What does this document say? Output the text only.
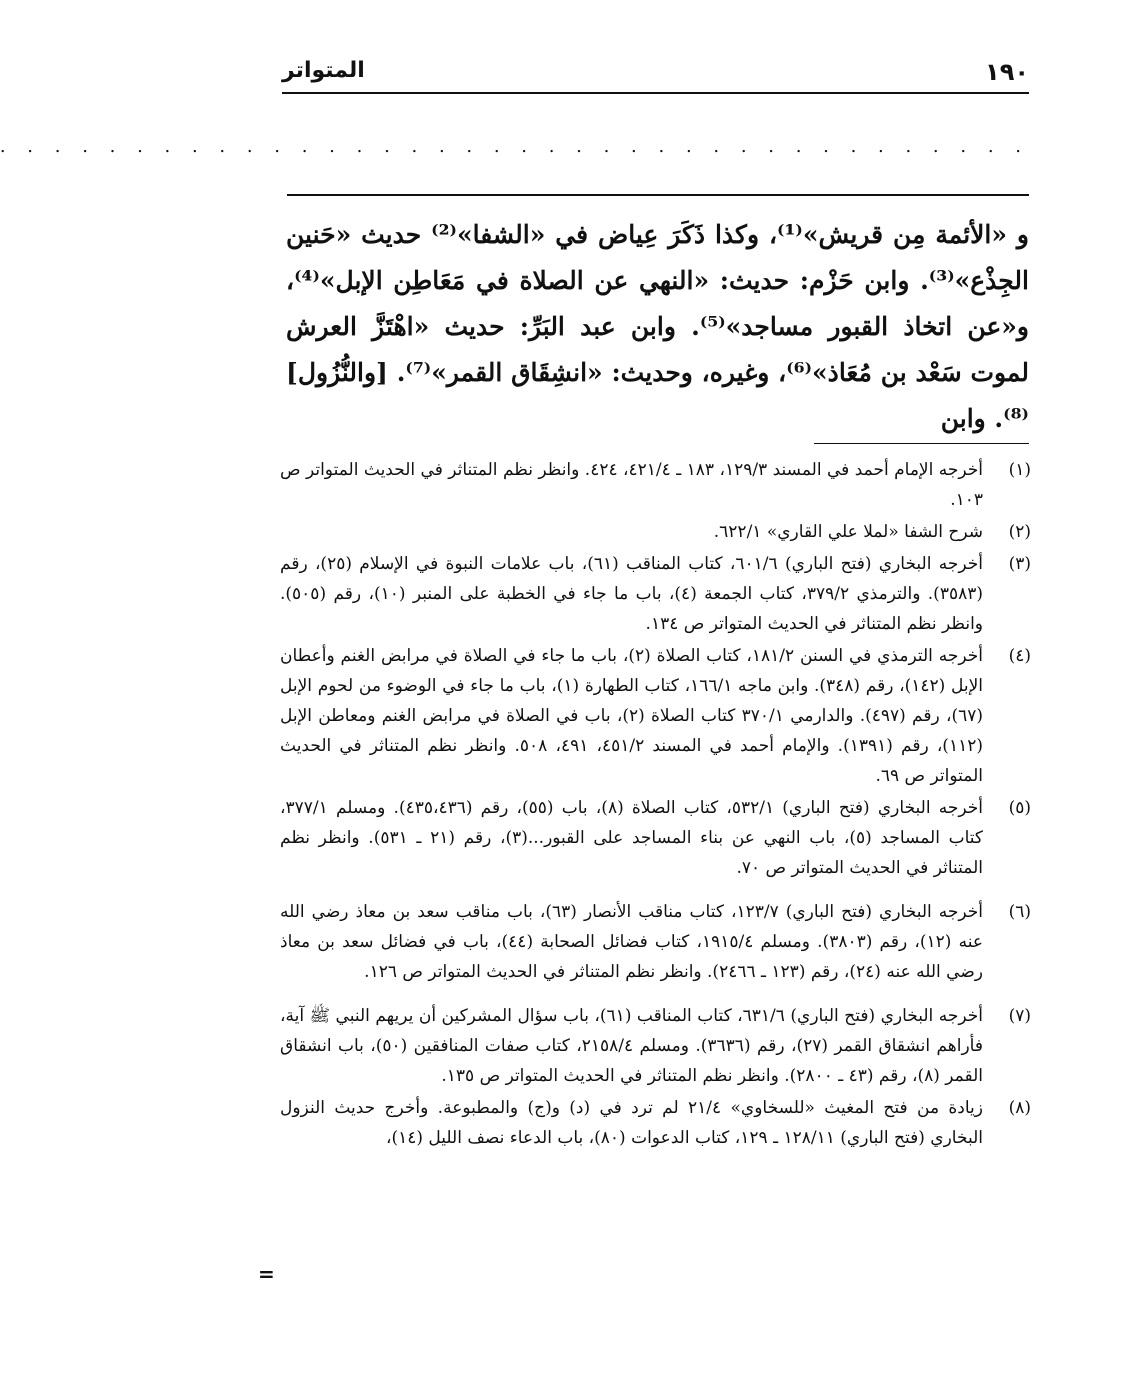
١٩٠
المتواتر
. . . . . . . . . . . . . . . . . . . . . . . . . . . . . . . . . . . . . .

و «الأئمة مِن قريش»⁽¹⁾، وكذا ذَكَرَ عِياض في «الشفا»⁽²⁾ حديث «حَنين الجِذْع»⁽³⁾. وابن حَزْم: حديث: «النهي عن الصلاة في مَعَاطِن الإبل»⁽⁴⁾، و«عن اتخاذ القبور مساجد»⁽⁵⁾. وابن عبد البَرِّ: حديث «اهْتَزَّ العرش لموت سَعْد بن مُعَاذ»⁽⁶⁾، وغيره، وحديث: «انشِقَاق القمر»⁽⁷⁾. [والنُّزُول]⁽⁸⁾. وابن

(١)
أخرجه الإمام أحمد في المسند ١٢٩/٣، ١٨٣ ـ ٤٢١/٤، ٤٢٤. وانظر نظم المتناثر في الحديث المتواتر ص ١٠٣.
(٢)
شرح الشفا «لملا علي القاري» ٦٢٢/١.
(٣)
أخرجه البخاري (فتح الباري) ٦٠١/٦، كتاب المناقب (٦١)، باب علامات النبوة في الإسلام (٢٥)، رقم (٣٥٨٣). والترمذي ٣٧٩/٢، كتاب الجمعة (٤)، باب ما جاء في الخطبة على المنبر (١٠)، رقم (٥٠٥). وانظر نظم المتناثر في الحديث المتواتر ص ١٣٤.
(٤)
أخرجه الترمذي في السنن ١٨١/٢، كتاب الصلاة (٢)، باب ما جاء في الصلاة في مرابض الغنم وأعطان الإبل (١٤٢)، رقم (٣٤٨). وابن ماجه ١٦٦/١، كتاب الطهارة (١)، باب ما جاء في الوضوء من لحوم الإبل (٦٧)، رقم (٤٩٧). والدارمي ٣٧٠/١ كتاب الصلاة (٢)، باب في الصلاة في مرابض الغنم ومعاطن الإبل (١١٢)، رقم (١٣٩١). والإمام أحمد في المسند ٤٥١/٢، ٤٩١، ٥٠٨. وانظر نظم المتناثر في الحديث المتواتر ص ٦٩.
(٥)
أخرجه البخاري (فتح الباري) ٥٣٢/١، كتاب الصلاة (٨)، باب (٥٥)، رقم (٤٣٥،٤٣٦). ومسلم ٣٧٧/١، كتاب المساجد (٥)، باب النهي عن بناء المساجد على القبور...(٣)، رقم (٢١ ـ ٥٣١). وانظر نظم المتناثر في الحديث المتواتر ص ٧٠.
(٦)
أخرجه البخاري (فتح الباري) ١٢٣/٧، كتاب مناقب الأنصار (٦٣)، باب مناقب سعد بن معاذ رضي الله عنه (١٢)، رقم (٣٨٠٣). ومسلم ١٩١٥/٤، كتاب فضائل الصحابة (٤٤)، باب في فضائل سعد بن معاذ رضي الله عنه (٢٤)، رقم (١٢٣ ـ ٢٤٦٦). وانظر نظم المتناثر في الحديث المتواتر ص ١٢٦.
(٧)
أخرجه البخاري (فتح الباري) ٦٣١/٦، كتاب المناقب (٦١)، باب سؤال المشركين أن يريهم النبي ﷺ آية، فأراهم انشقاق القمر (٢٧)، رقم (٣٦٣٦). ومسلم ٢١٥٨/٤، كتاب صفات المنافقين (٥٠)، باب انشقاق القمر (٨)، رقم (٤٣ ـ ٢٨٠٠). وانظر نظم المتناثر في الحديث المتواتر ص ١٣٥.
(٨)
زيادة من فتح المغيث «للسخاوي» ٢١/٤ لم ترد في (د) و(ج) والمطبوعة. وأخرج حديث النزول البخاري (فتح الباري) ١٢٨/١١ ـ ١٢٩، كتاب الدعوات (٨٠)، باب الدعاء نصف الليل (١٤)،
=
